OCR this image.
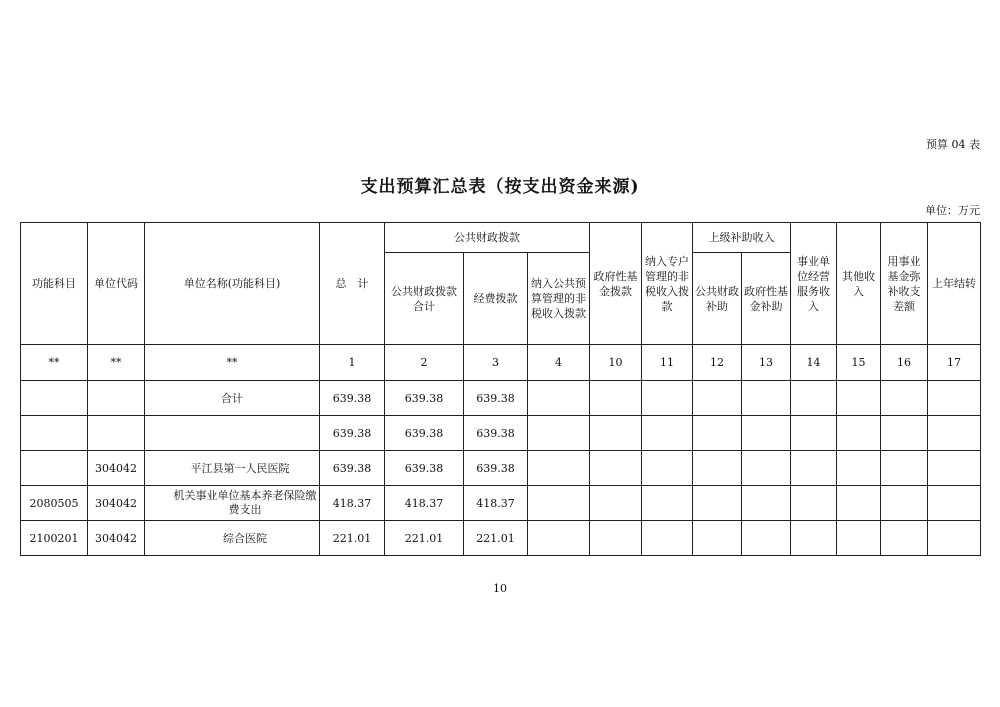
预算 04 表
支出预算汇总表（按支出资金来源)
单位：万元
功能科目	单位代码	单位名称(功能科目)	总　计	公共财政拨款			政府性基金拨款	纳入专户管理的非税收入拨款	上级补助收入		事业单位经营服务收入	其他收入	用事业基金弥补收支差额	上年结转
				公共财政拨款合计	经费拨款	纳入公共预算管理的非税收入拨款			公共财政补助	政府性基金补助				
**	**	**	1	2	3	4	10	11	12	13	14	15	16	17
		合计	639.38	639.38	639.38									
			639.38	639.38	639.38									
	304042	平江县第一人民医院	639.38	639.38	639.38									
2080505	304042	机关事业单位基本养老保险缴费支出	418.37	418.37	418.37									
2100201	304042	综合医院	221.01	221.01	221.01									
10
